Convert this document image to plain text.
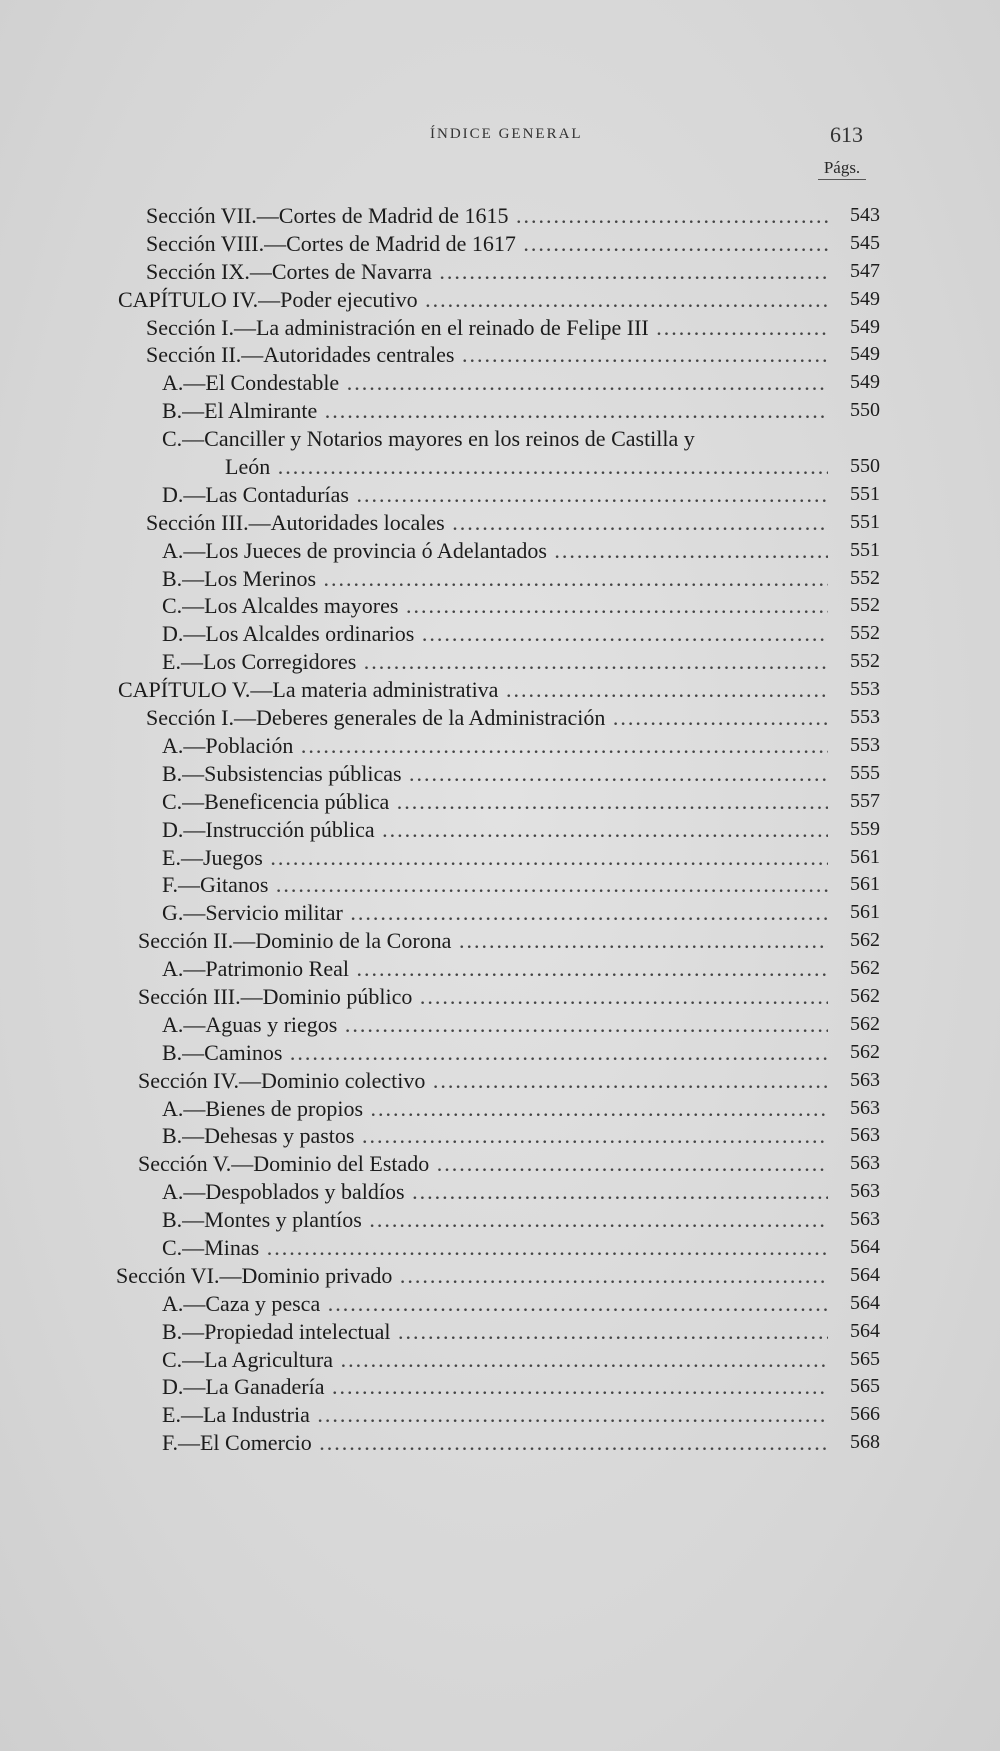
ÍNDICE GENERAL	613
Págs.
Sección VII.—Cortes de Madrid de 1615 .....	543
Sección VIII.—Cortes de Madrid de 1617 .....	545
Sección IX.—Cortes de Navarra .....	547
CAPÍTULO IV.—Poder ejecutivo .....	549
Sección I.—La administración en el reinado de Felipe III .....	549
Sección II.—Autoridades centrales .....	549
A.—El Condestable .....	549
B.—El Almirante .....	550
C.—Canciller y Notarios mayores en los reinos de Castilla y
León .....	550
D.—Las Contadurías .....	551
Sección III.—Autoridades locales .....	551
A.—Los Jueces de provincia ó Adelantados .....	551
B.—Los Merinos .....	552
C.—Los Alcaldes mayores .....	552
D.—Los Alcaldes ordinarios .....	552
E.—Los Corregidores .....	552
CAPÍTULO V.—La materia administrativa .....	553
Sección I.—Deberes generales de la Administración .....	553
A.—Población .....	553
B.—Subsistencias públicas .....	555
C.—Beneficencia pública .....	557
D.—Instrucción pública .....	559
E.—Juegos .....	561
F.—Gitanos .....	561
G.—Servicio militar .....	561
Sección II.—Dominio de la Corona .....	562
A.—Patrimonio Real .....	562
Sección III.—Dominio público .....	562
A.—Aguas y riegos .....	562
B.—Caminos .....	562
Sección IV.—Dominio colectivo .....	563
A.—Bienes de propios .....	563
B.—Dehesas y pastos .....	563
Sección V.—Dominio del Estado .....	563
A.—Despoblados y baldíos .....	563
B.—Montes y plantíos .....	563
C.—Minas .....	564
Sección VI.—Dominio privado .....	564
A.—Caza y pesca .....	564
B.—Propiedad intelectual .....	564
C.—La Agricultura .....	565
D.—La Ganadería .....	565
E.—La Industria .....	566
F.—El Comercio .....	568
